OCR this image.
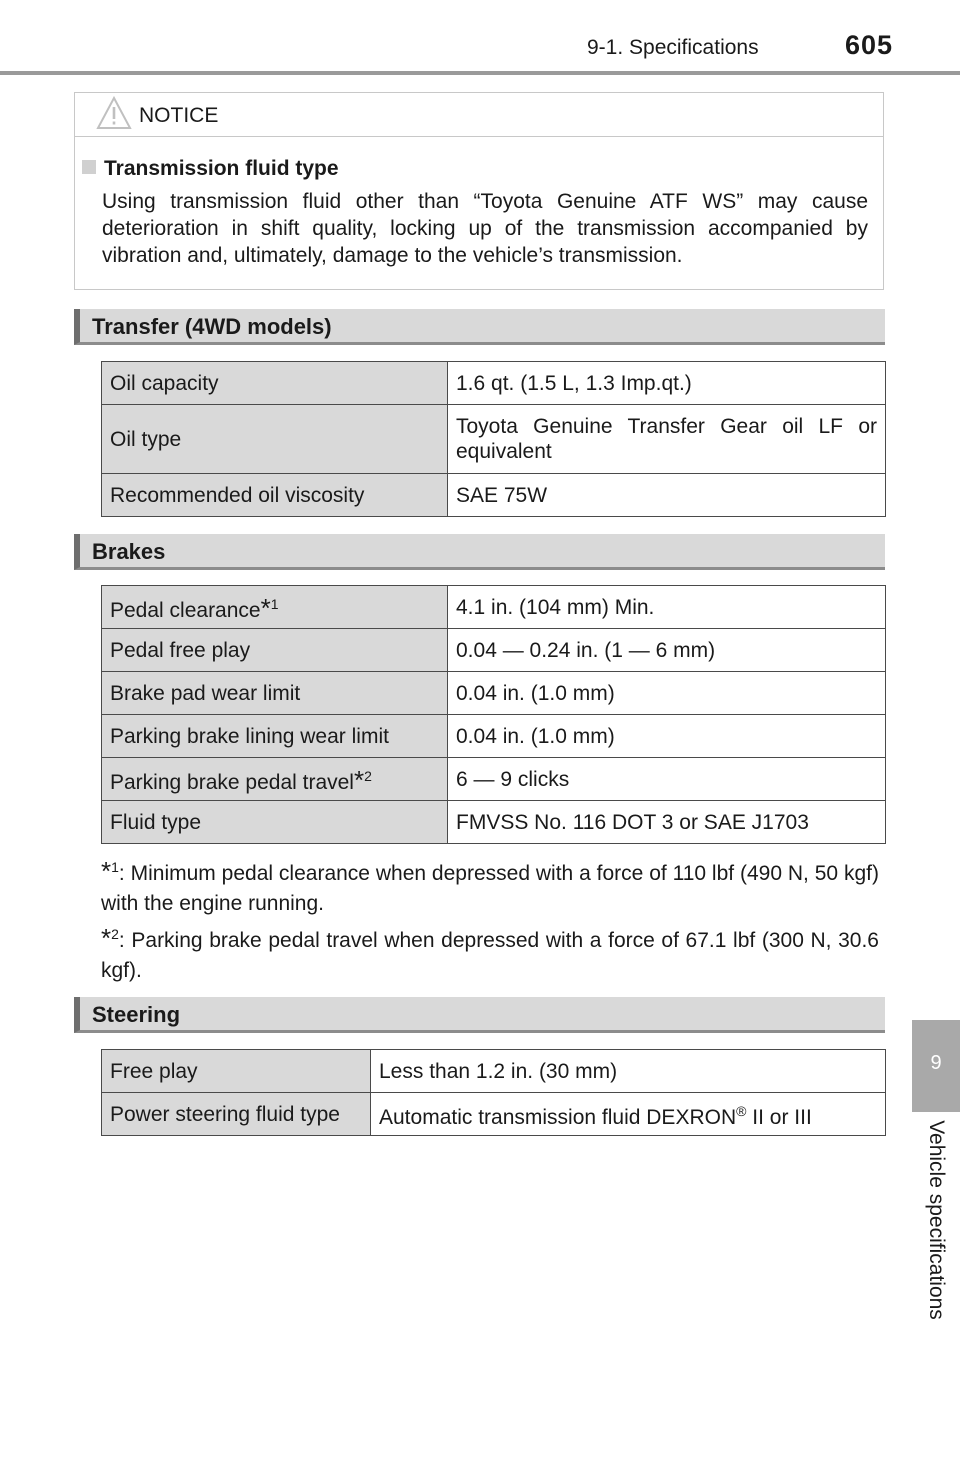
9-1. Specifications	605
NOTICE
Transmission fluid type
Using transmission fluid other than “Toyota Genuine ATF WS” may cause deterioration in shift quality, locking up of the transmission accompanied by vibration and, ultimately, damage to the vehicle’s transmission.
Transfer (4WD models)
Oil capacity	1.6 qt. (1.5 L, 1.3 Imp.qt.)
Oil type	Toyota Genuine Transfer Gear oil LF or equivalent
Recommended oil viscosity	SAE 75W
Brakes
Pedal clearance*$^1$	4.1 in. (104 mm) Min.
Pedal free play	0.04 — 0.24 in. (1 — 6 mm)
Brake pad wear limit	0.04 in. (1.0 mm)
Parking brake lining wear limit	0.04 in. (1.0 mm)
Parking brake pedal travel*$^2$	6 — 9 clicks
Fluid type	FMVSS No. 116 DOT 3 or SAE J1703
*$^1$: Minimum pedal clearance when depressed with a force of 110 lbf (490 N, 50 kgf) with the engine running.
*$^2$: Parking brake pedal travel when depressed with a force of 67.1 lbf (300 N, 30.6 kgf).
Steering
Free play	Less than 1.2 in. (30 mm)
Power steering fluid type	Automatic transmission fluid DEXRON® II or III
9
Vehicle specifications
